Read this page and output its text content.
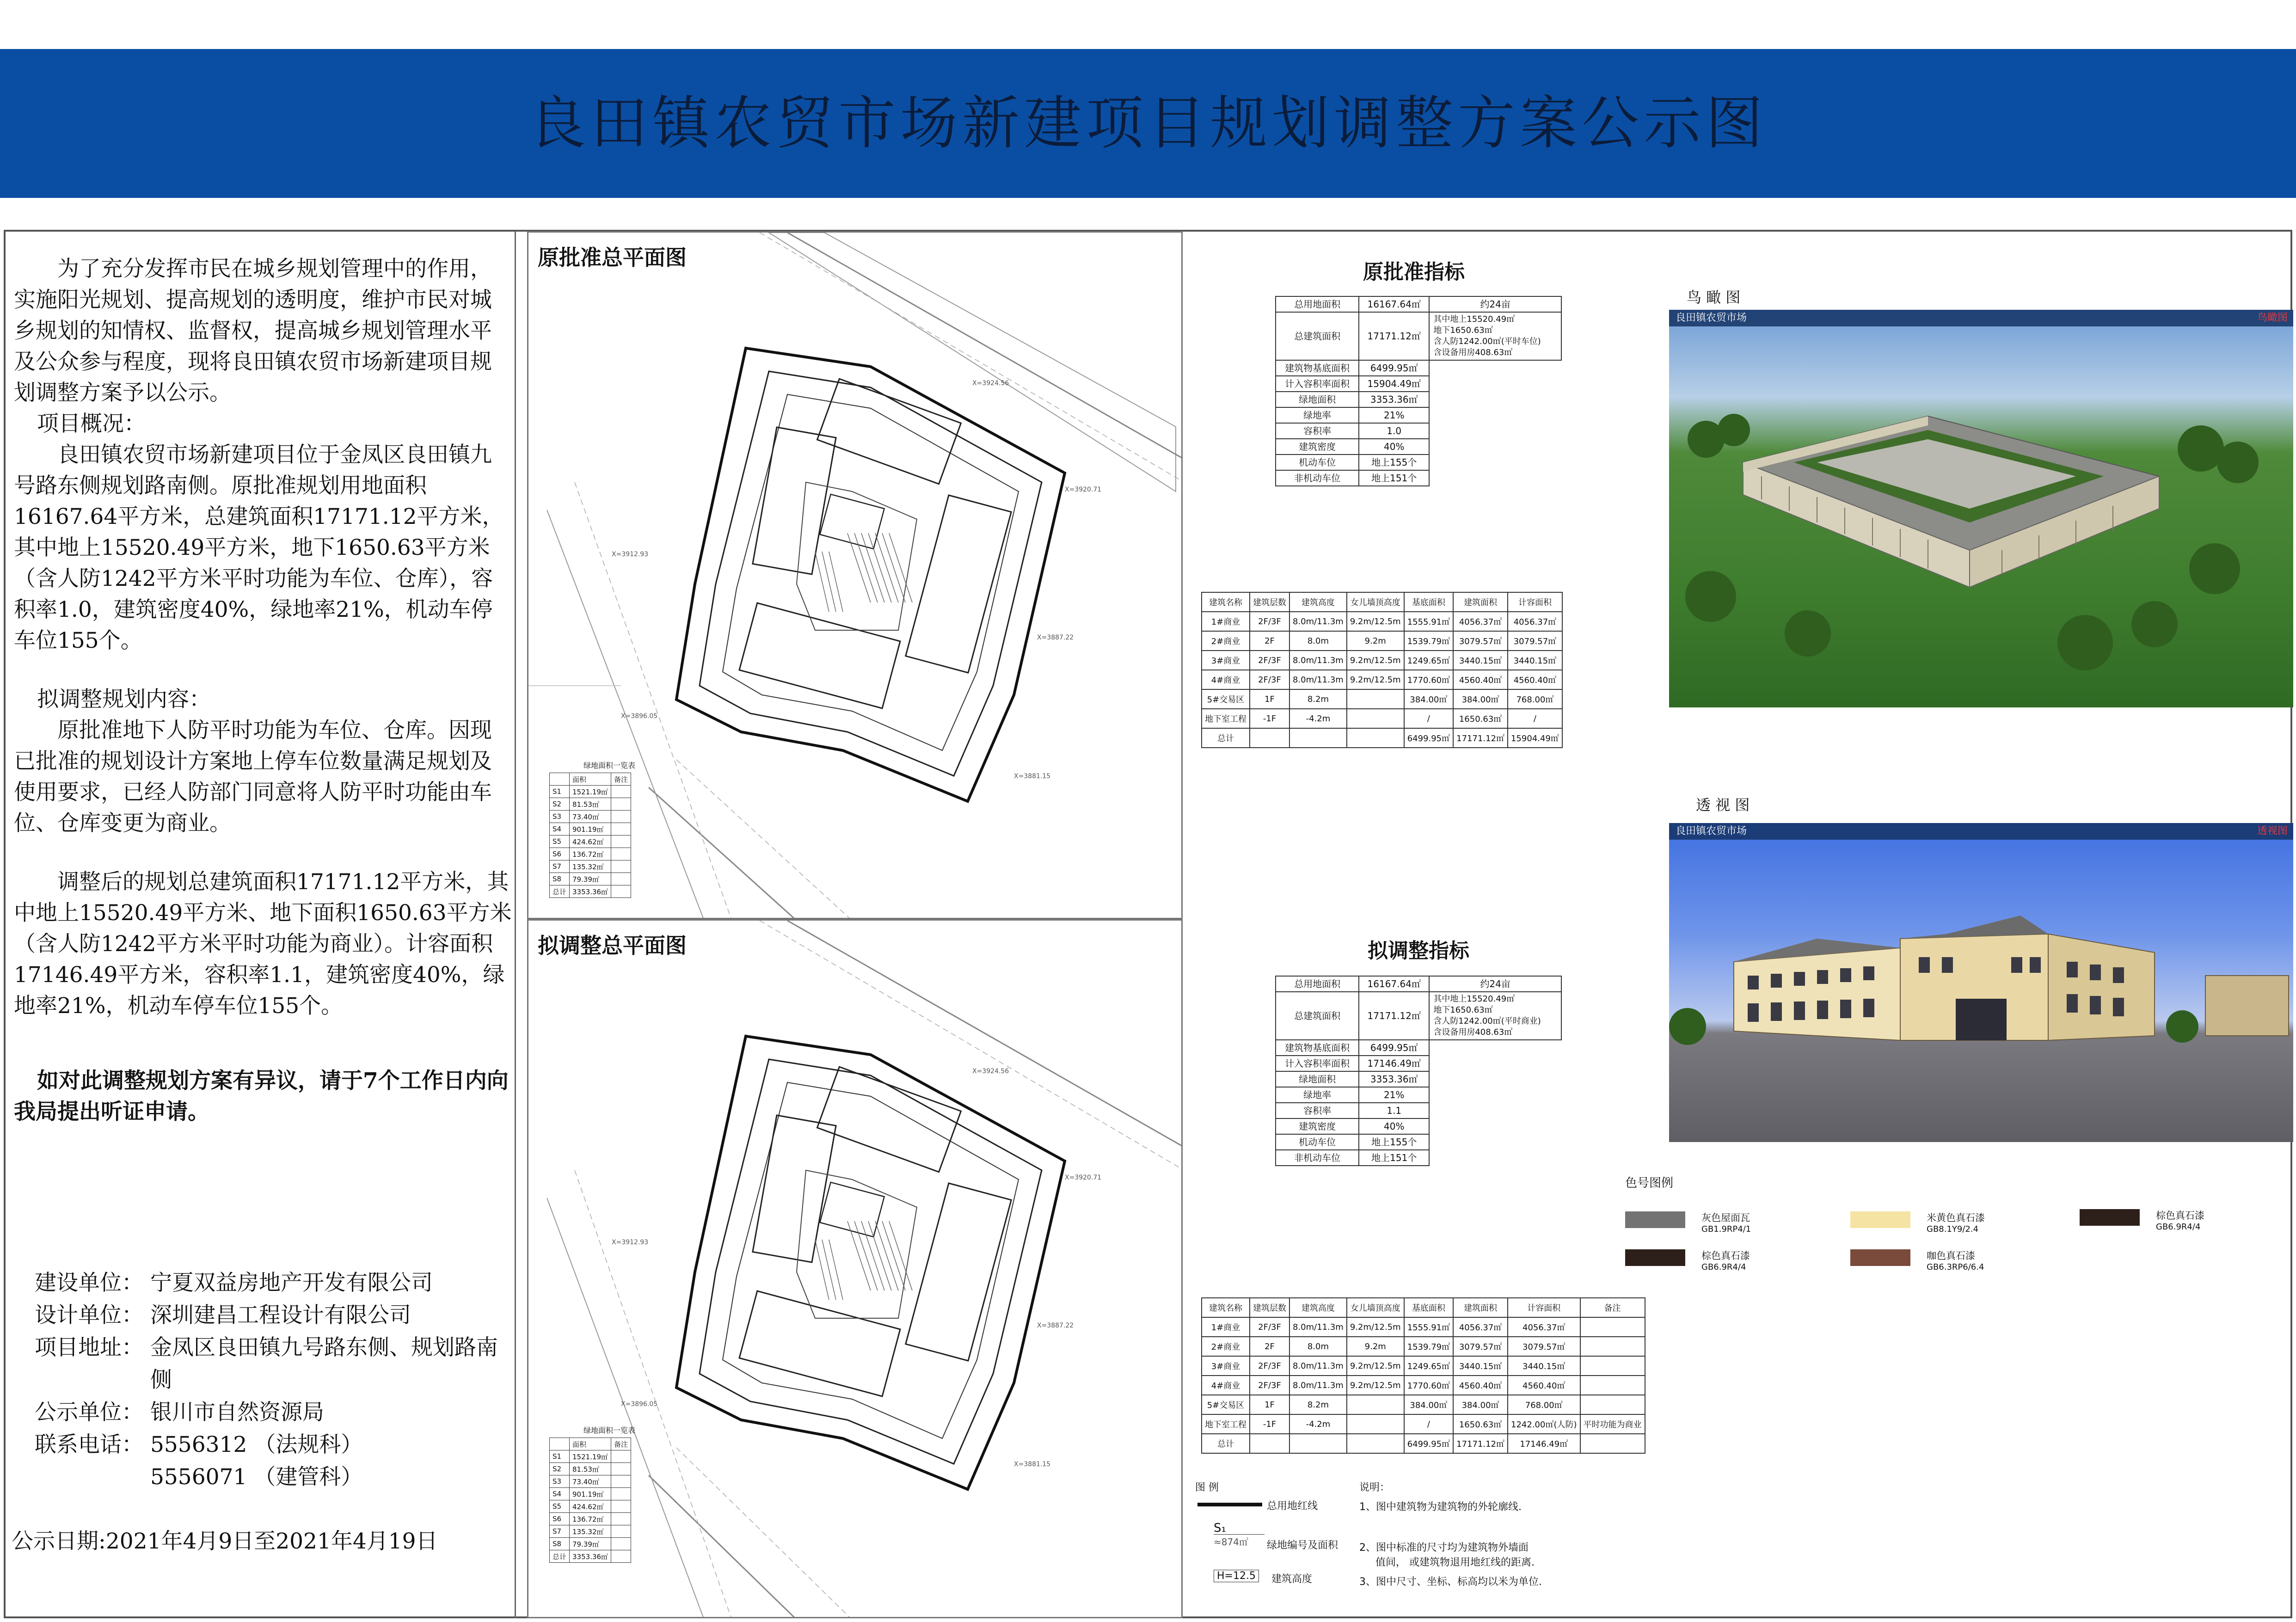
良田镇农贸市场新建项目规划调整方案公示图

为了充分发挥市民在城乡规划管理中的作用，实施阳光规划、提高规划的透明度，维护市民对城乡规划的知情权、监督权，提高城乡规划管理水平及公众参与程度，现将良田镇农贸市场新建项目规划调整方案予以公示。

项目概况：

良田镇农贸市场新建项目位于金凤区良田镇九号路东侧规划路南侧。原批准规划用地面积16167.64平方米，总建筑面积17171.12平方米，其中地上15520.49平方米，地下1650.63平方米（含人防1242平方米平时功能为车位、仓库），容积率1.0，建筑密度40%，绿地率21%，机动车停车位155个。

拟调整规划内容：

原批准地下人防平时功能为车位、仓库。因现已批准的规划设计方案地上停车位数量满足规划及使用要求，已经人防部门同意将人防平时功能由车位、仓库变更为商业。

调整后的规划总建筑面积17171.12平方米，其中地上15520.49平方米、地下面积1650.63平方米（含人防1242平方米平时功能为商业）。计容面积17146.49平方米，容积率1.1，建筑密度40%，绿地率21%，机动车停车位155个。

如对此调整规划方案有异议，请于7个工作日内向我局提出听证申请。

建设单位： 宁夏双益房地产开发有限公司
设计单位： 深圳建昌工程设计有限公司
项目地址： 金凤区良田镇九号路东侧、规划路南侧
公示单位： 银川市自然资源局
联系电话： 5556312 （法规科）
5556071 （建管科）
公示日期:2021年4月9日至2021年4月19日
X=3924.56
X=3920.71
X=3887.22
X=3912.93
X=3896.05
X=3881.15
原批准总平面图
绿地面积一览表
	面积	备注
S1	1521.19㎡	
S2	81.53㎡	
S3	73.40㎡	
S4	901.19㎡	
S5	424.62㎡	
S6	136.72㎡	
S7	135.32㎡	
S8	79.39㎡	
总计	3353.36㎡	
X=3924.56
X=3920.71
X=3887.22
X=3912.93
X=3896.05
X=3881.15
拟调整总平面图
绿地面积一览表
	面积	备注
S1	1521.19㎡	
S2	81.53㎡	
S3	73.40㎡	
S4	901.19㎡	
S5	424.62㎡	
S6	136.72㎡	
S7	135.32㎡	
S8	79.39㎡	
总计	3353.36㎡	
原批准指标
总用地面积	16167.64㎡	约24亩
总建筑面积	17171.12㎡	其中地上15520.49㎡
地下1650.63㎡
含人防1242.00㎡(平时车位)
含设备用房408.63㎡

建筑物基底面积	6499.95㎡	
计入容积率面积	15904.49㎡	
绿地面积	3353.36㎡	
绿地率	21%	
容积率	1.0	
建筑密度	40%	
机动车位	地上155个	
非机动车位	地上151个	
建筑名称	建筑层数	建筑高度	女儿墙顶高度	基底面积	建筑面积	计容面积
1#商业	2F/3F	8.0m/11.3m	9.2m/12.5m	1555.91㎡	4056.37㎡	4056.37㎡
2#商业	2F	8.0m	9.2m	1539.79㎡	3079.57㎡	3079.57㎡
3#商业	2F/3F	8.0m/11.3m	9.2m/12.5m	1249.65㎡	3440.15㎡	3440.15㎡
4#商业	2F/3F	8.0m/11.3m	9.2m/12.5m	1770.60㎡	4560.40㎡	4560.40㎡
5#交易区	1F	8.2m		384.00㎡	384.00㎡	768.00㎡
地下室工程	-1F	-4.2m		/	1650.63㎡	/
总计				6499.95㎡	17171.12㎡	15904.49㎡
拟调整指标
总用地面积	16167.64㎡	约24亩
总建筑面积	17171.12㎡	其中地上15520.49㎡
地下1650.63㎡
含人防1242.00㎡(平时商业)
含设备用房408.63㎡

建筑物基底面积	6499.95㎡	
计入容积率面积	17146.49㎡	
绿地面积	3353.36㎡	
绿地率	21%	
容积率	1.1	
建筑密度	40%	
机动车位	地上155个	
非机动车位	地上151个	
建筑名称	建筑层数	建筑高度	女儿墙顶高度	基底面积	建筑面积	计容面积	备注
1#商业	2F/3F	8.0m/11.3m	9.2m/12.5m	1555.91㎡	4056.37㎡	4056.37㎡	
2#商业	2F	8.0m	9.2m	1539.79㎡	3079.57㎡	3079.57㎡	
3#商业	2F/3F	8.0m/11.3m	9.2m/12.5m	1249.65㎡	3440.15㎡	3440.15㎡	
4#商业	2F/3F	8.0m/11.3m	9.2m/12.5m	1770.60㎡	4560.40㎡	4560.40㎡	
5#交易区	1F	8.2m		384.00㎡	384.00㎡	768.00㎡	
地下室工程	-1F	-4.2m		/	1650.63㎡	1242.00㎡(人防)	平时功能为商业
总计				6499.95㎡	17171.12㎡	17146.49㎡	
鸟 瞰 图
良田镇农贸市场	鸟瞰图
透 视 图
良田镇农贸市场	透视图
色号图例
灰色屋面瓦
GB1.9RP4/1
米黄色真石漆
GB8.1Y9/2.4
棕色真石漆
GB6.9R4/4
棕色真石漆
GB6.9R4/4
咖色真石漆
GB6.3RP6/6.4
图 例
总用地红线
S₁
≈874㎡	绿地编号及面积
H=12.5	建筑高度
说明：
1、图中建筑物为建筑物的外轮廓线.
2、图中标准的尺寸均为建筑物外墙面
值间， 或建筑物退用地红线的距离.
3、图中尺寸、坐标、标高均以米为单位.
